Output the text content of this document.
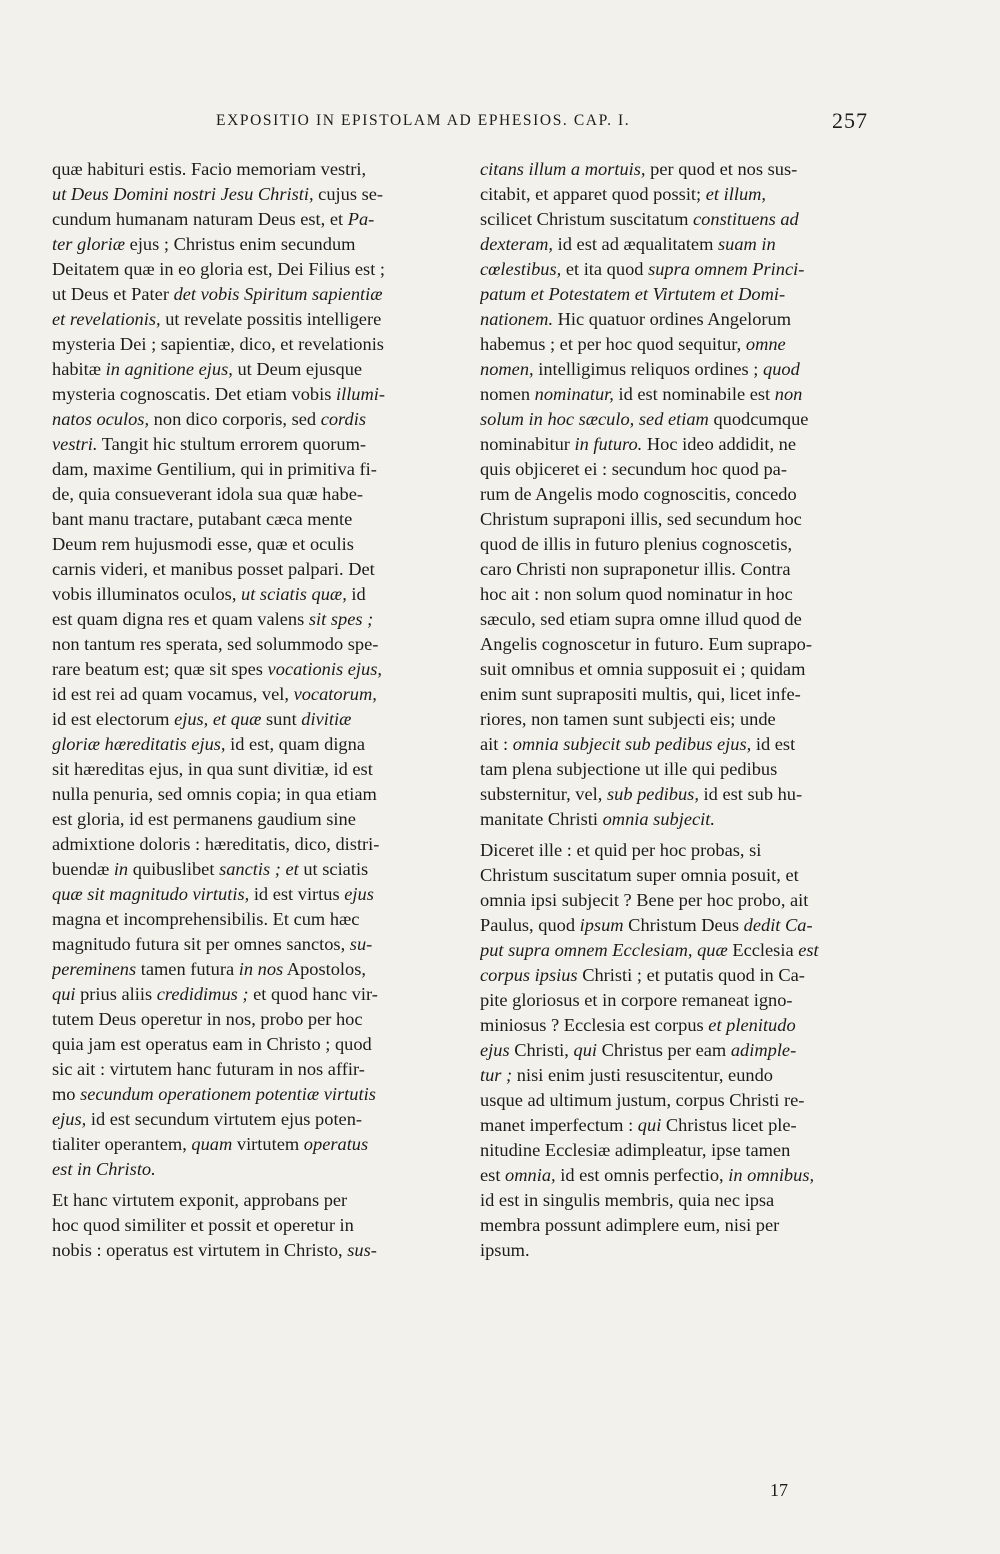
EXPOSITIO IN EPISTOLAM AD EPHESIOS. CAP. I.	257
quæ habituri estis. Facio memoriam vestri,
ut Deus Domini nostri Jesu Christi, cujus se-
cundum humanam naturam Deus est, et Pa-
ter gloriæ ejus ; Christus enim secundum
Deitatem quæ in eo gloria est, Dei Filius est ;
ut Deus et Pater det vobis Spiritum sapientiæ
et revelationis, ut revelate possitis intelligere
mysteria Dei ; sapientiæ, dico, et revelationis
habitæ in agnitione ejus, ut Deum ejusque
mysteria cognoscatis. Det etiam vobis illumi-
natos oculos, non dico corporis, sed cordis
vestri. Tangit hic stultum errorem quorum-
dam, maxime Gentilium, qui in primitiva fi-
de, quia consueverant idola sua quæ habe-
bant manu tractare, putabant cæca mente
Deum rem hujusmodi esse, quæ et oculis
carnis videri, et manibus posset palpari. Det
vobis illuminatos oculos, ut sciatis quæ, id
est quam digna res et quam valens sit spes ;
non tantum res sperata, sed solummodo spe-
rare beatum est; quæ sit spes vocationis ejus,
id est rei ad quam vocamus, vel, vocatorum,
id est electorum ejus, et quæ sunt divitiæ
gloriæ hæreditatis ejus, id est, quam digna
sit hæreditas ejus, in qua sunt divitiæ, id est
nulla penuria, sed omnis copia; in qua etiam
est gloria, id est permanens gaudium sine
admixtione doloris : hæreditatis, dico, distri-
buendæ in quibuslibet sanctis ; et ut sciatis
quæ sit magnitudo virtutis, id est virtus ejus
magna et incomprehensibilis. Et cum hæc
magnitudo futura sit per omnes sanctos, su-
pereminens tamen futura in nos Apostolos,
qui prius aliis credidimus ; et quod hanc vir-
tutem Deus operetur in nos, probo per hoc
quia jam est operatus eam in Christo ; quod
sic ait : virtutem hanc futuram in nos affir-
mo secundum operationem potentiæ virtutis
ejus, id est secundum virtutem ejus poten-
tialiter operantem, quam virtutem operatus
est in Christo.
Et hanc virtutem exponit, approbans per
hoc quod similiter et possit et operetur in
nobis : operatus est virtutem in Christo, sus-
citans illum a mortuis, per quod et nos sus-
citabit, et apparet quod possit; et illum,
scilicet Christum suscitatum constituens ad
dexteram, id est ad æqualitatem suam in
cœlestibus, et ita quod supra omnem Princi-
patum et Potestatem et Virtutem et Domi-
nationem. Hic quatuor ordines Angelorum
habemus ; et per hoc quod sequitur, omne
nomen, intelligimus reliquos ordines ; quod
nomen nominatur, id est nominabile est non
solum in hoc sæculo, sed etiam quodcumque
nominabitur in futuro. Hoc ideo addidit, ne
quis objiceret ei : secundum hoc quod pa-
rum de Angelis modo cognoscitis, concedo
Christum supraponi illis, sed secundum hoc
quod de illis in futuro plenius cognoscetis,
caro Christi non supraponetur illis. Contra
hoc ait : non solum quod nominatur in hoc
sæculo, sed etiam supra omne illud quod de
Angelis cognoscetur in futuro. Eum suprapo-
suit omnibus et omnia supposuit ei ; quidam
enim sunt suprapositi multis, qui, licet infe-
riores, non tamen sunt subjecti eis; unde
ait : omnia subjecit sub pedibus ejus, id est
tam plena subjectione ut ille qui pedibus
substernitur, vel, sub pedibus, id est sub hu-
manitate Christi omnia subjecit.
Diceret ille : et quid per hoc probas, si
Christum suscitatum super omnia posuit, et
omnia ipsi subjecit ? Bene per hoc probo, ait
Paulus, quod ipsum Christum Deus dedit Ca-
put supra omnem Ecclesiam, quæ Ecclesia est
corpus ipsius Christi ; et putatis quod in Ca-
pite gloriosus et in corpore remaneat igno-
miniosus ? Ecclesia est corpus et plenitudo
ejus Christi, qui Christus per eam adimple-
tur ; nisi enim justi resuscitentur, eundo
usque ad ultimum justum, corpus Christi re-
manet imperfectum : qui Christus licet ple-
nitudine Ecclesiæ adimpleatur, ipse tamen
est omnia, id est omnis perfectio, in omnibus,
id est in singulis membris, quia nec ipsa
membra possunt adimplere eum, nisi per
ipsum.
17
